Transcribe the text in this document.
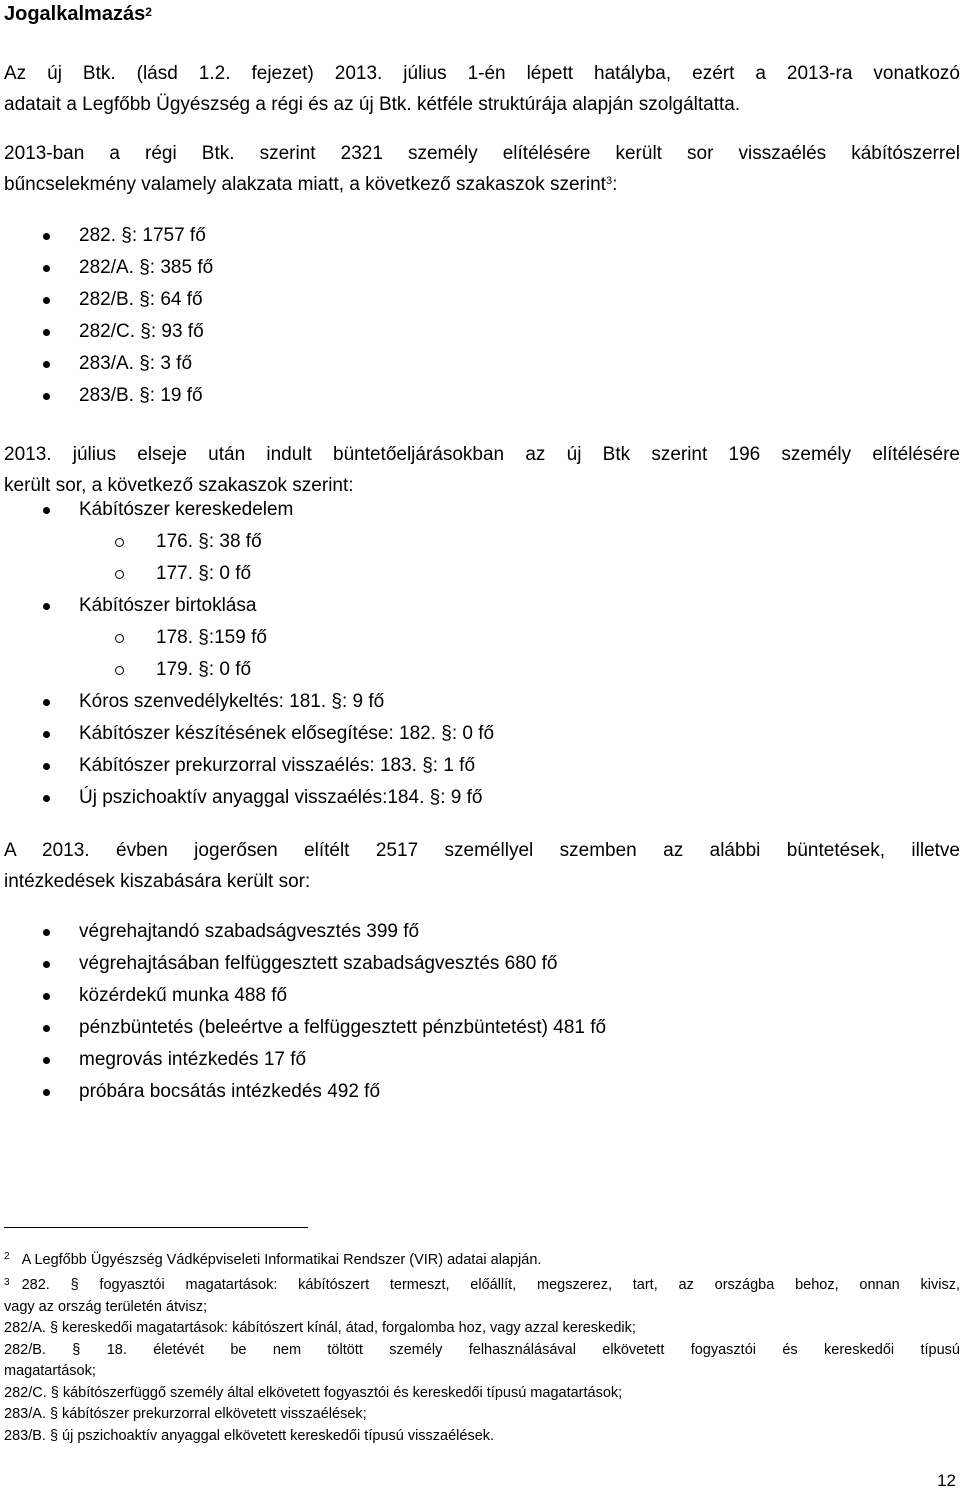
Jogalkalmazás$^2$
Az új Btk. (lásd 1.2. fejezet) 2013. július 1-én lépett hatályba, ezért a 2013-ra vonatkozó
adatait a Legfőbb Ügyészség a régi és az új Btk. kétféle struktúrája alapján szolgáltatta.
2013-ban a régi Btk. szerint 2321 személy elítélésére került sor visszaélés kábítószerrel
bűncselekmény valamely alakzata miatt, a következő szakaszok szerint$^3$:
282. §: 1757 fő
282/A. §: 385 fő
282/B. §: 64 fő
282/C. §: 93 fő
283/A. §: 3 fő
283/B. §: 19 fő
2013. július elseje után indult büntetőeljárásokban az új Btk szerint 196 személy elítélésére
került sor, a következő szakaszok szerint:
Kábítószer kereskedelem
176. §: 38 fő
177. §: 0 fő
Kábítószer birtoklása
178. §:159 fő
179. §: 0 fő
Kóros szenvedélykeltés: 181. §: 9 fő
Kábítószer készítésének elősegítése: 182. §: 0 fő
Kábítószer prekurzorral visszaélés: 183. §: 1 fő
Új pszichoaktív anyaggal visszaélés:184. §: 9 fő
A 2013. évben jogerősen elítélt 2517 személlyel szemben az alábbi büntetések, illetve
intézkedések kiszabására került sor:
végrehajtandó szabadságvesztés 399 fő
végrehajtásában felfüggesztett szabadságvesztés 680 fő
közérdekű munka 488 fő
pénzbüntetés (beleértve a felfüggesztett pénzbüntetést) 481 fő
megrovás intézkedés 17 fő
próbára bocsátás intézkedés 492 fő
$^2$ A Legfőbb Ügyészség Vádképviseleti Informatikai Rendszer (VIR) adatai alapján.
$^3$ 282. § fogyasztói magatartások: kábítószert termeszt, előállít, megszerez, tart, az országba behoz, onnan kivisz,
vagy az ország területén átvisz;
282/A. § kereskedői magatartások: kábítószert kínál, átad, forgalomba hoz, vagy azzal kereskedik;
282/B. § 18. életévét be nem töltött személy felhasználásával elkövetett fogyasztói és kereskedői típusú
magatartások;
282/C. § kábítószerfüggő személy által elkövetett fogyasztói és kereskedői típusú magatartások;
283/A. § kábítószer prekurzorral elkövetett visszaélések;
283/B. § új pszichoaktív anyaggal elkövetett kereskedői típusú visszaélések.
12
